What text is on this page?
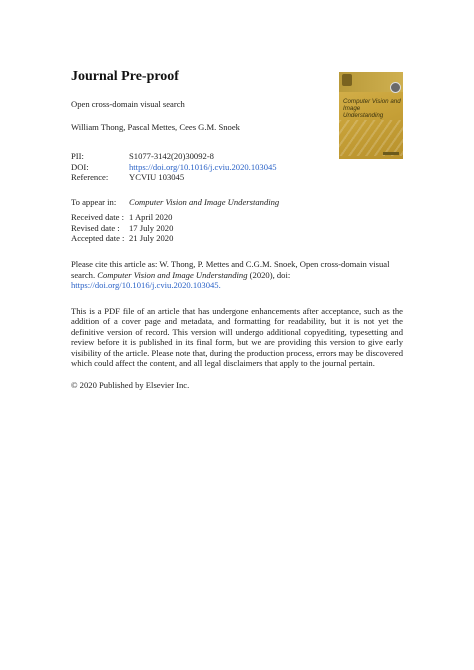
Journal Pre-proof
Open cross-domain visual search
William Thong, Pascal Mettes, Cees G.M. Snoek
PII:	S1077-3142(20)30092-8
DOI:	https://doi.org/10.1016/j.cviu.2020.103045
Reference:	YCVIU 103045
To appear in:	Computer Vision and Image Understanding
Received date : 1 April 2020
Revised date :	17 July 2020
Accepted date : 21 July 2020
Please cite this article as: W. Thong, P. Mettes and C.G.M. Snoek, Open cross-domain visual search. Computer Vision and Image Understanding (2020), doi: https://doi.org/10.1016/j.cviu.2020.103045.
This is a PDF file of an article that has undergone enhancements after acceptance, such as the addition of a cover page and metadata, and formatting for readability, but it is not yet the definitive version of record. This version will undergo additional copyediting, typesetting and review before it is published in its final form, but we are providing this version to give early visibility of the article. Please note that, during the production process, errors may be discovered which could affect the content, and all legal disclaimers that apply to the journal pertain.
© 2020 Published by Elsevier Inc.
Computer Vision and Image Understanding
